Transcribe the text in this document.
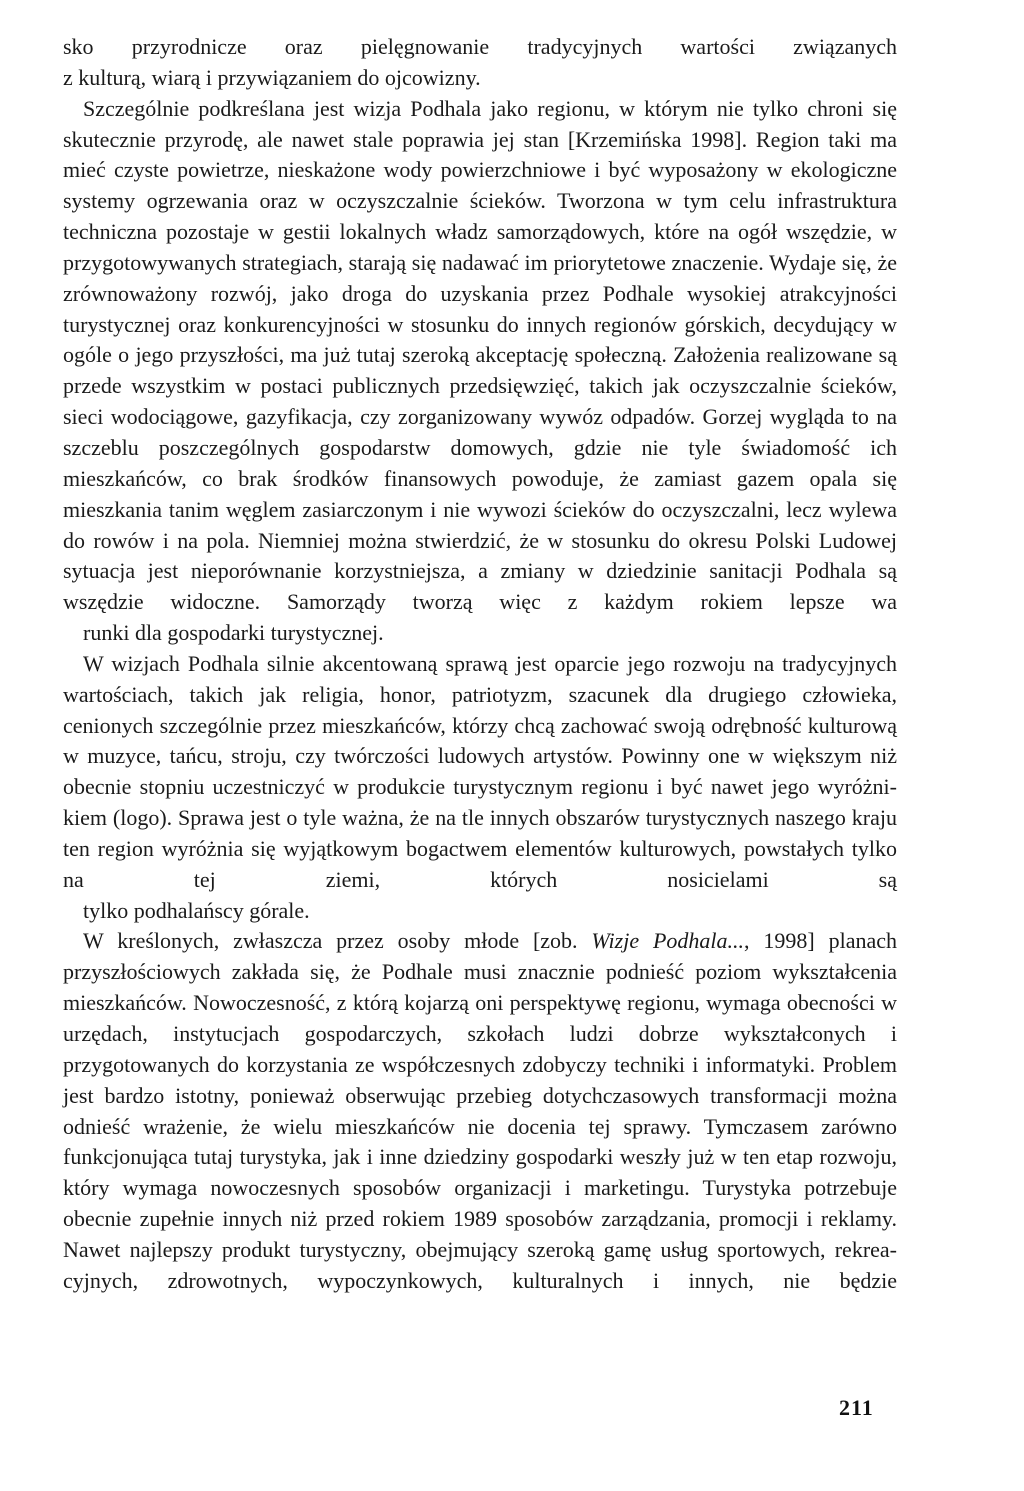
sko przyrodnicze oraz pielęgnowanie tradycyjnych wartości związanych
z kulturą, wiarą i przywiązaniem do ojcowizny.

Szczególnie podkreślana jest wizja Podhala jako regionu, w którym nie tylko chroni się skutecznie przyrodę, ale nawet stale poprawia jej stan [Krzemińska 1998]. Region taki ma mieć czyste powietrze, nieskażone wody powierzchniowe i być wyposażony w ekologiczne systemy ogrzewania oraz w oczyszczalnie ścieków. Tworzona w tym celu infrastruktura techniczna pozostaje w gestii lokalnych władz samorządowych, które na ogół wszędzie, w przygotowywanych strategiach, starają się nadawać im priorytetowe znaczenie. Wydaje się, że zrównoważony rozwój, jako droga do uzyskania przez Podhale wysokiej atrakcyjności turystycznej oraz konkurencyjności w stosunku do innych regionów górskich, decydujący w ogóle o jego przyszłości, ma już tutaj szeroką akceptację społeczną. Założenia realizowane są przede wszystkim w postaci publicznych przedsięwzięć, takich jak oczyszczalnie ścieków, sieci wodociągowe, gazyfikacja, czy zorganizowany wywóz odpadów. Gorzej wygląda to na szczeblu poszczególnych gospodarstw domowych, gdzie nie tyle świadomość ich mieszkańców, co brak środków finansowych powoduje, że zamiast gazem opala się mieszkania tanim węglem zasiarczonym i nie wywozi ścieków do oczyszczalni, lecz wylewa do rowów i na pola. Niemniej można stwierdzić, że w stosunku do okresu Polski Ludowej sytuacja jest nieporównanie korzystniejsza, a zmiany w dziedzinie sanitacji Podhala są wszędzie widoczne. Samorządy tworzą więc z każdym rokiem lepsze wa
runki dla gospodarki turystycznej.

W wizjach Podhala silnie akcentowaną sprawą jest oparcie jego rozwoju na tradycyjnych wartościach, takich jak religia, honor, patriotyzm, szacunek dla drugiego człowieka, cenionych szczególnie przez mieszkańców, którzy chcą zachować swoją odrębność kulturową w muzyce, tańcu, stroju, czy twórczości ludowych artystów. Powinny one w większym niż obecnie stopniu uczestniczyć w produkcie turystycznym regionu i być nawet jego wyróżnikiem (logo). Sprawa jest o tyle ważna, że na tle innych obszarów turystycznych naszego kraju ten region wyróżnia się wyjątkowym bogactwem elementów kulturowych, powstałych tylko na tej ziemi, których nosicielami są
tylko podhalańscy górale.

W kreślonych, zwłaszcza przez osoby młode [zob. Wizje Podhala..., 1998] planach przyszłościowych zakłada się, że Podhale musi znacznie podnieść poziom wykształcenia mieszkańców. Nowoczesność, z którą kojarzą oni perspektywę regionu, wymaga obecności w urzędach, instytucjach gospodarczych, szkołach ludzi dobrze wykształconych i przygotowanych do korzystania ze współczesnych zdobyczy techniki i informatyki. Problem jest bardzo istotny, ponieważ obserwując przebieg dotychczasowych transformacji można odnieść wrażenie, że wielu mieszkańców nie docenia tej sprawy. Tymczasem zarówno funkcjonująca tutaj turystyka, jak i inne dziedziny gospodarki weszły już w ten etap rozwoju, który wymaga nowoczesnych sposobów organizacji i marketingu. Turystyka potrzebuje obecnie zupełnie innych niż przed rokiem 1989 sposobów zarządzania, promocji i reklamy. Nawet najlepszy produkt turystyczny, obejmujący szeroką gamę usług sportowych, rekreacyjnych, zdrowotnych, wypoczynkowych, kulturalnych i innych, nie będzie

211
